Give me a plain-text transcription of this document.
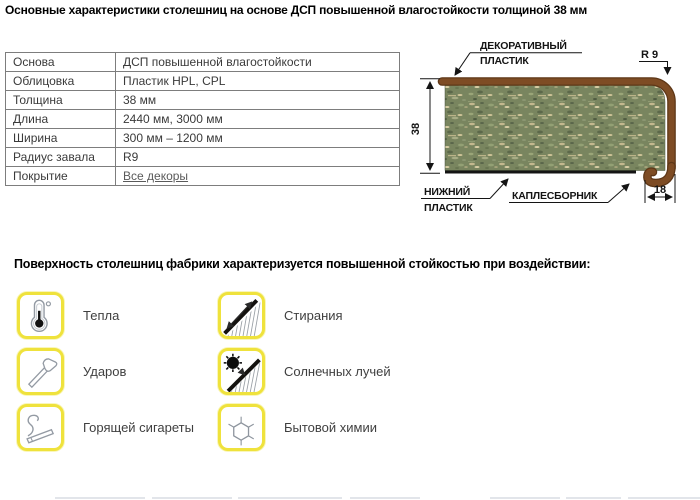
Основные характеристики столешниц на основе ДСП повышенной влагостойкости толщиной 38 мм
Основа	ДСП повышенной влагостойкости
Облицовка	Пластик HPL, CPL
Толщина	38 мм
Длина	2440 мм, 3000 мм
Ширина	300 мм – 1200 мм
Радиус завала	R9
Покрытие	Все декоры
38
ДЕКОРАТИВНЫЙ
ПЛАСТИК	R 9
НИЖНИЙ
ПЛАСТИК
КАПЛЕСБОРНИК	18
Поверхность столешниц фабрики характеризуется повышенной стойкостью при воздействии:
Тепла
Ударов
Горящей сигареты
Стирания
Солнечных лучей
Бытовой химии
